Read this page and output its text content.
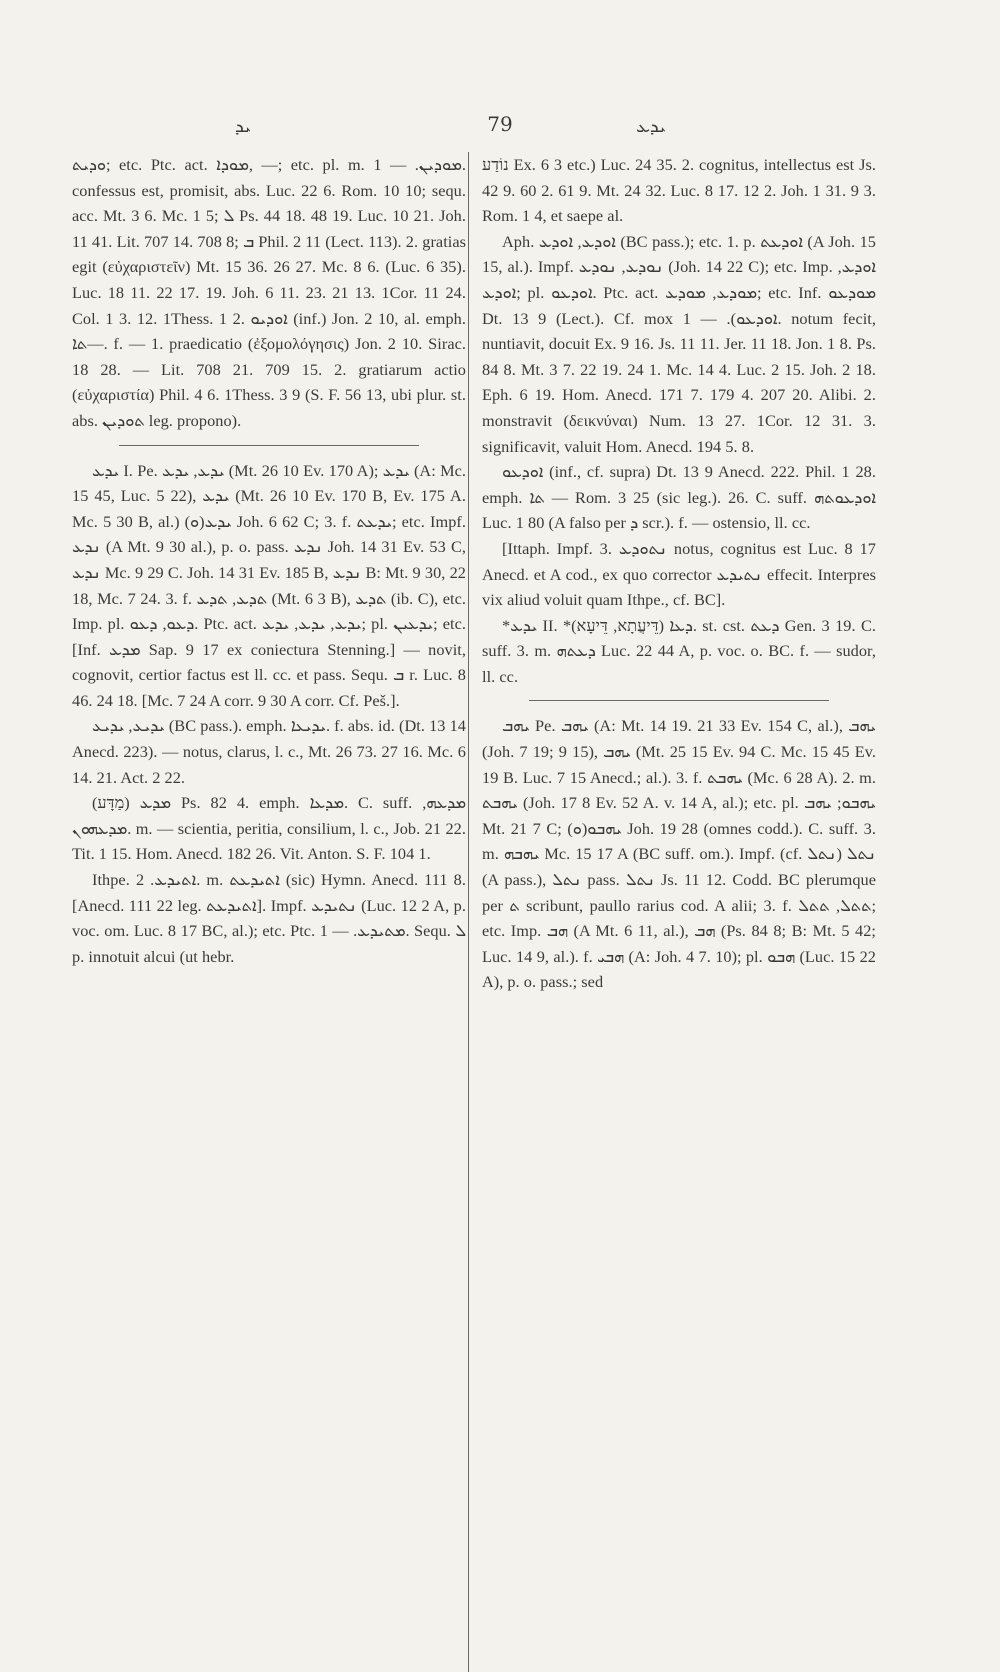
ܝܕ	79	ܝܕܥ

ܘܕܝܬ; etc. Ptc. act. ܡܘܕܐ, —; etc. pl. m. ܡܘܕܝܢ. — 1. confessus est, promisit, abs. Luc. 22 6. Rom. 10 10; sequ. acc. Mt. 3 6. Mc. 1 5; ܠ Ps. 44 18. 48 19. Luc. 10 21. Joh. 11 41. Lit. 707 14. 708 8; ܒ Phil. 2 11 (Lect. 113). 2. gratias egit (εὐχαριστεῖν) Mt. 15 36. 26 27. Mc. 8 6. (Luc. 6 35). Luc. 18 11. 22 17. 19. Joh. 6 11. 23. 21 13. 1Cor. 11 24. Col. 1 3. 12. 1Thess. 1 2. ܐܘܕܝܘ (inf.) Jon. 2 10, al. emph. ܬܐ—. f. — 1. praedicatio (ἐξομολόγησις) Jon. 2 10. Sirac. 18 28. — Lit. 708 21. 709 15. 2. gratiarum actio (εὐχαριστία) Phil. 4 6. 1Thess. 3 9 (S. F. 56 13, ubi plur. st. abs. ܬܘܕܝܢ leg. propono).

ܝܕܥ I. Pe. ܝܕܥ, ܝܕܥ (Mt. 26 10 Ev. 170 A); ܝܕܥ (A: Mc. 15 45, Luc. 5 22), ܝܕܥ (Mt. 26 10 Ev. 170 B, Ev. 175 A. Mc. 5 30 B, al.) ܝܕܥ(ܘ) Joh. 6 62 C; 3. f. ܝܕܥܬ; etc. Impf. ܢܕܥ (A Mt. 9 30 al.), p. o. pass. ܢܕܥ Joh. 14 31 Ev. 53 C, ܢܕܥ Mc. 9 29 C. Joh. 14 31 Ev. 185 B, ܢܕܥ B: Mt. 9 30, 22 18, Mc. 7 24. 3. f. ܬܕܥ, ܬܕܥ (Mt. 6 3 B), ܬܕܥ (ib. C), etc. Imp. pl. ܕܥܘ, ܕܥܘ. Ptc. act. ܝܕܥ, ܝܕܥ, ܝܕܥ; pl. ܝܕܥܝܢ; etc. [Inf. ܡܕܥ Sap. 9 17 ex coniectura Stenning.] — novit, cognovit, certior factus est ll. cc. et pass. Sequ. ܒ r. Luc. 8 46. 24 18. [Mc. 7 24 A corr. 9 30 A corr. Cf. Peš.].

ܝܕܝܥ, ܝܕܝܥ (BC pass.). emph. ܝܕܝܥܐ. f. abs. id. (Dt. 13 14 Anecd. 223). — notus, clarus, l. c., Mt. 26 73. 27 16. Mc. 6 14. 21. Act. 2 22.

ܡܕܥ (מַדָּע) Ps. 82 4. emph. ܡܕܥܐ. C. suff. ܡܕܥܗ, ܡܕܥܗܘܢ. m. — scientia, peritia, consilium, l. c., Job. 21 22. Tit. 1 15. Hom. Anecd. 182 26. Vit. Anton. S. F. 104 1.

Ithpe. ܐܬܝܕܥ. 2. m. ܐܬܝܕܥܬ (sic) Hymn. Anecd. 111 8. [Anecd. 111 22 leg. ܐܬܝܕܥܬ]. Impf. ܢܬܝܕܥ (Luc. 12 2 A, p. voc. om. Luc. 8 17 BC, al.); etc. Ptc. ܡܬܝܕܥ. — 1. Sequ. ܠ p. innotuit alcui (ut hebr.

נוֹדַע Ex. 6 3 etc.) Luc. 24 35. 2. cognitus, intellectus est Js. 42 9. 60 2. 61 9. Mt. 24 32. Luc. 8 17. 12 2. Joh. 1 31. 9 3. Rom. 1 4, et saepe al.

Aph. ܐܘܕܥ, ܐܘܕܥ (BC pass.); etc. 1. p. ܐܘܕܥܬ (A Joh. 15 15, al.). Impf. ܢܘܕܥ, ܢܘܕܥ (Joh. 14 22 C); etc. Imp. ܐܘܕܥ, ܐܘܕܥ; pl. ܐܘܕܥܘ. Ptc. act. ܡܘܕܥ, ܡܘܕܥ; etc. Inf. ܡܘܕܥܘ Dt. 13 9 (Lect.). Cf. mox ܐܘܕܥܘ). — 1. notum fecit, nuntiavit, docuit Ex. 9 16. Js. 11 11. Jer. 11 18. Jon. 1 8. Ps. 84 8. Mt. 3 7. 22 19. 24 1. Mc. 14 4. Luc. 2 15. Joh. 2 18. Eph. 6 19. Hom. Anecd. 171 7. 179 4. 207 20. Alibi. 2. monstravit (δεικνύναι) Num. 13 27. 1Cor. 12 31. 3. significavit, valuit Hom. Anecd. 194 5. 8.

ܐܘܕܥܘ (inf., cf. supra) Dt. 13 9 Anecd. 222. Phil. 1 28. emph. ܬܐ — Rom. 3 25 (sic leg.). 26. C. suff. ܐܘܕܥܘܬܗ Luc. 1 80 (A falso per ܕ scr.). f. — ostensio, ll. cc.

[Ittaph. Impf. 3. ܢܬܘܕܥ notus, cognitus est Luc. 8 17 Anecd. et A cod., ex quo corrector ܢܬܝܕܥ effecit. Interpres vix aliud voluit quam Ithpe., cf. BC].

*ܝܕܥ II. *ܕܥܐ (דֵּיעֲתָא, דֵּיעָא). st. cst. ܕܥܬ Gen. 3 19. C. suff. 3. m. ܕܥܬܗ Luc. 22 44 A, p. voc. o. BC. f. — sudor, ll. cc.

ܝܗܒ Pe. ܝܗܒ (A: Mt. 14 19. 21 33 Ev. 154 C, al.), ܝܗܒ (Joh. 7 19; 9 15), ܝܗܒ (Mt. 25 15 Ev. 94 C. Mc. 15 45 Ev. 19 B. Luc. 7 15 Anecd.; al.). 3. f. ܝܗܒܬ (Mc. 6 28 A). 2. m. ܝܗܒܬ (Joh. 17 8 Ev. 52 A. v. 14 A, al.); etc. pl. ܝܗܒܘ; ܝܗܒ Mt. 21 7 C; ܝܗܒܘ(ܘ) Joh. 19 28 (omnes codd.). C. suff. 3. m. ܝܗܒܗ Mc. 15 17 A (BC suff. om.). Impf. (cf. ܢܬܠ) ܢܬܠ (A pass.), ܢܬܠ pass. ܢܬܠ Js. 11 12. Codd. BC plerumque per ܬ scribunt, paullo rarius cod. A alii; 3. f. ܬܬܠ, ܬܬܠ; etc. Imp. ܗܒ (A Mt. 6 11, al.), ܗܒ (Ps. 84 8; B: Mt. 5 42; Luc. 14 9, al.). f. ܗܒܝ (A: Joh. 4 7. 10); pl. ܗܒܘ (Luc. 15 22 A), p. o. pass.; sed
